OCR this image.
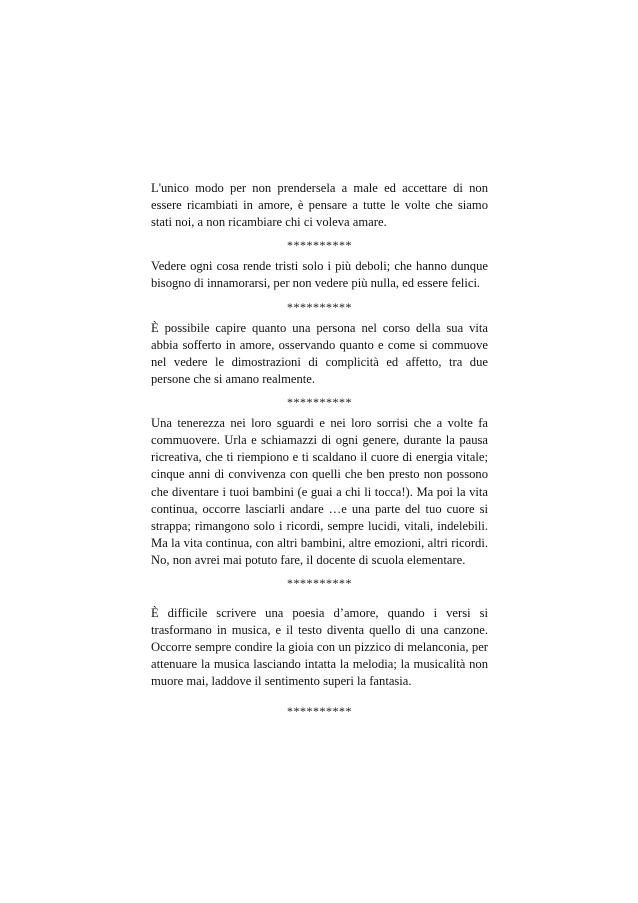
L'unico modo per non prendersela a male ed accettare di non essere ricambiati in amore, è pensare a tutte le volte che siamo stati noi, a non ricambiare chi ci voleva amare.

**********

Vedere ogni cosa rende tristi solo i più deboli; che hanno dunque bisogno di innamorarsi, per non vedere più nulla, ed essere felici.

**********

È possibile capire quanto una persona nel corso della sua vita abbia sofferto in amore, osservando quanto e come si commuove nel vedere le dimostrazioni di complicità ed affetto, tra due persone che si amano realmente.

**********

Una tenerezza nei loro sguardi e nei loro sorrisi che a volte fa commuovere. Urla e schiamazzi di ogni genere, durante la pausa ricreativa, che ti riempiono e ti scaldano il cuore di energia vitale; cinque anni di convivenza con quelli che ben presto non possono che diventare i tuoi bambini (e guai a chi li tocca!). Ma poi la vita continua, occorre lasciarli andare …e una parte del tuo cuore si strappa; rimangono solo i ricordi, sempre lucidi, vitali, indelebili. Ma la vita continua, con altri bambini, altre emozioni, altri ricordi. No, non avrei mai potuto fare, il docente di scuola elementare.

**********

È difficile scrivere una poesia d’amore, quando i versi si trasformano in musica, e il testo diventa quello di una canzone. Occorre sempre condire la gioia con un pizzico di melanconia, per attenuare la musica lasciando intatta la melodia; la musicalità non muore mai, laddove il sentimento superi la fantasia.

**********
